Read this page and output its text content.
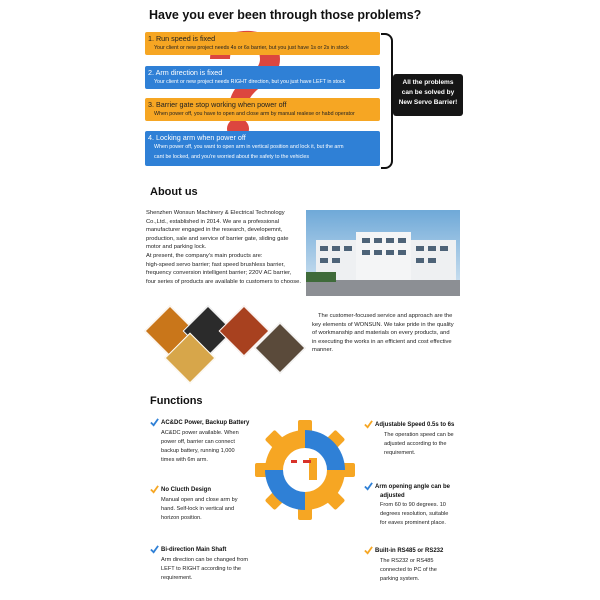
Have you ever been through those problems?
1. Run speed is fixed
Your client or new project needs 4s or 6s barrier, but you just have 1s or 2s in stock
2. Arm direction is fixed
Your client or new project needs RIGHT direction, but you just have LEFT in stock
3. Barrier gate stop working when power off
When power off, you have to open and close arm by manual realese or habd operator
4. Locking arm when power off
When power off, you want to open arm in vertical position and lock it, but the arm
cant be locked, and you're worried about the safety to the vehicles
All the problems
can be solved by
New Servo Barrier!
About us
Shenzhen Wonsun Machinery & Electrical Technology
Co.,Ltd., established in 2014. We are a professional
manufacturer engaged in the research, developemnt,
production, sale and service of barrier gate, sliding gate
motor and parking lock.
At present, the company's main products are:
high-speed servo barrier; fast speed brushless barrier,
frequency conversion intelligent barrier; 220V AC barrier,
four series of products are available to customers to choose.
The customer-focused service and approach are the
key elements of WONSUN. We take pride in the quality
of workmanship and materials on every products, and
in executing the works in an efficient and cost effective
manner.
Functions
AC&DC Power, Backup Battery
AC&DC power available. When
power off, barrier can connect
backup battery, running 1,000
times with 6m arm.
No Clucth Design
Manual open and close arm by
hand. Self-lock in vertical and
horizon position.
Bi-direction Main Shaft
Arm direction can be changed from
LEFT to RIGHT according to the
requirement.
Adjustable Speed 0.5s to 6s
The operation speed can be
adjusted according to the
requirement.
Arm opening angle can be
adjusted
From 60 to 90 degrees. 10
degrees resolution, suitable
for eaves prominent place.
Built-in RS485 or RS232
The RS232 or RS485
connected to PC of the
parking system.
